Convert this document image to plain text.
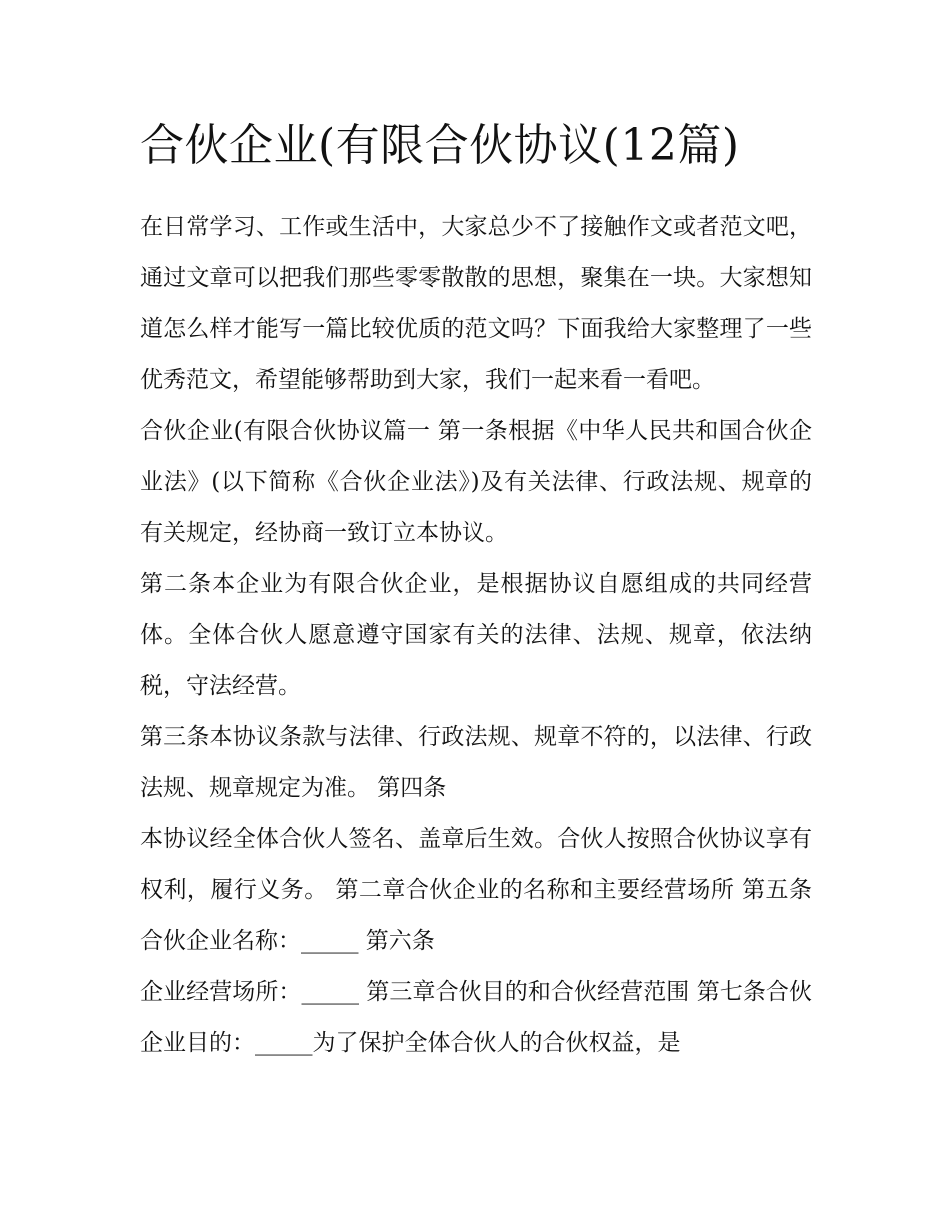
合伙企业(有限合伙协议(12篇)

在日常学习、工作或生活中，大家总少不了接触作文或者范文吧，通过文章可以把我们那些零零散散的思想，聚集在一块。大家想知道怎么样才能写一篇比较优质的范文吗？下面我给大家整理了一些优秀范文，希望能够帮助到大家，我们一起来看一看吧。

合伙企业(有限合伙协议篇一 第一条根据《中华人民共和国合伙企业法》(以下简称《合伙企业法》)及有关法律、行政法规、规章的有关规定，经协商一致订立本协议。

第二条本企业为有限合伙企业，是根据协议自愿组成的共同经营体。全体合伙人愿意遵守国家有关的法律、法规、规章，依法纳税，守法经营。

第三条本协议条款与法律、行政法规、规章不符的，以法律、行政法规、规章规定为准。 第四条

本协议经全体合伙人签名、盖章后生效。合伙人按照合伙协议享有权利，履行义务。 第二章合伙企业的名称和主要经营场所 第五条合伙企业名称：_____ 第六条

企业经营场所：_____ 第三章合伙目的和合伙经营范围 第七条合伙企业目的：_____为了保护全体合伙人的合伙权益，是
